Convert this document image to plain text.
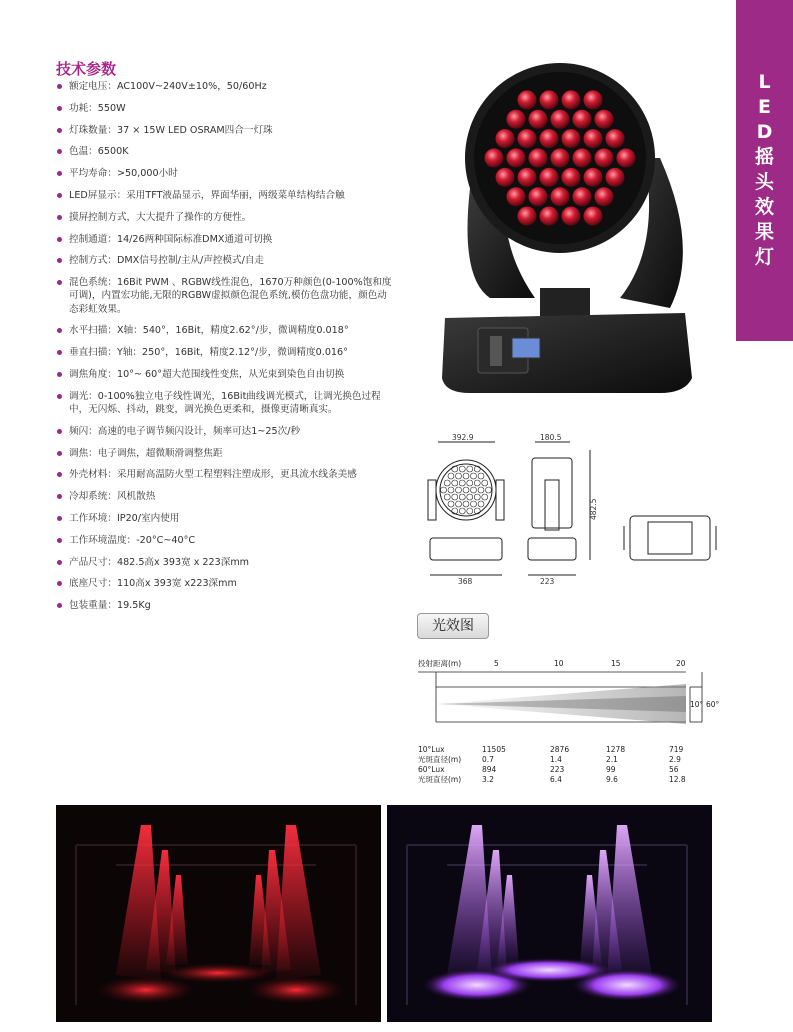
L
E
D
摇
头
效
果
灯
技术参数
额定电压：AC100V~240V±10%，50/60Hz
功耗：550W
灯珠数量：37 × 15W LED OSRAM四合一灯珠
色温：6500K
平均寿命：>50,000小时
LED屏显示：采用TFT液晶显示，界面华丽，两级菜单结构结合触
摸屏控制方式，大大提升了操作的方便性。
控制通道：14/26两种国际标准DMX通道可切换
控制方式：DMX信号控制/主从/声控模式/自走
混色系统：16Bit PWM 、RGBW线性混色，1670万种颜色(0-100%饱和度可调)，内置宏功能,无限的RGBW虚拟颜色混色系统,模仿色盘功能，颜色动态彩虹效果。
水平扫描：X轴：540°，16Bit，精度2.62°/步，微调精度0.018°
垂直扫描：Y轴：250°，16Bit，精度2.12°/步，微调精度0.016°
调焦角度：10°~ 60°超大范围线性变焦，从光束到染色自由切换
调光：0-100%独立电子线性调光，16Bit曲线调光模式，让调光换色过程中，无闪烁、抖动，跳变，调光换色更柔和，摄像更清晰真实。
频闪：高速的电子调节频闪设计，频率可达1~25次/秒
调焦：电子调焦，超微顺滑调整焦距
外壳材料：采用耐高温防火型工程塑料注塑成形，更具流水线条美感
冷却系统：风机散热
工作环境：IP20/室内使用
工作环境温度：-20°C~40°C
产品尺寸：482.5高x 393宽 x 223深mm
底座尺寸：110高x 393宽 x223深mm
包装重量：19.5Kg
392.9
368
180.5
223
482.5
光效图
投射距离(m)	5	10	15	20
10° 60°
10°Lux	11505	2876	1278	719
光斑直径(m)	0.7	1.4	2.1	2.9
60°Lux	894	223	99	56
光斑直径(m)	3.2	6.4	9.6	12.8
